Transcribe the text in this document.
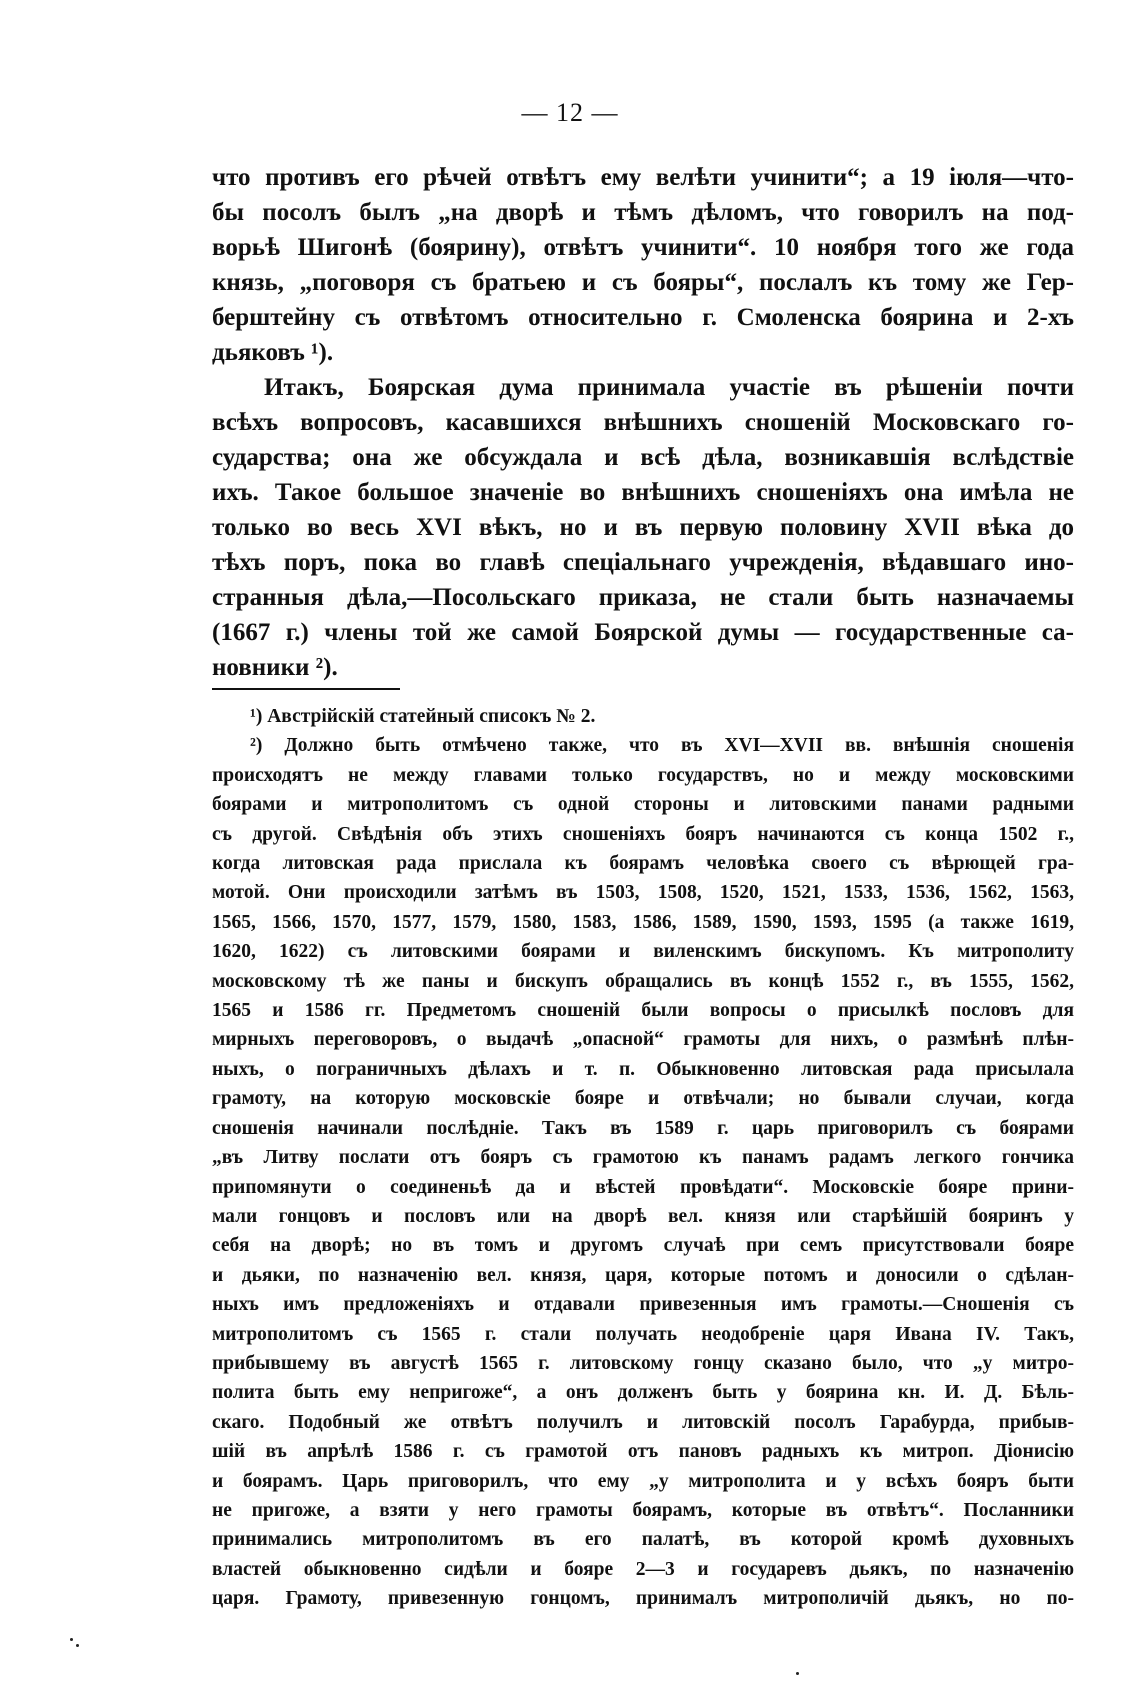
— 12 —
что противъ его рѣчей отвѣтъ ему велѣти учинити“; а 19 іюля—что-
бы посолъ былъ „на дворѣ и тѣмъ дѣломъ, что говорилъ на под-
ворьѣ Шигонѣ (боярину), отвѣтъ учинити“. 10 ноября того же года
князь, „поговоря съ братьею и съ бояры“, послалъ къ тому же Гер-
берштейну съ отвѣтомъ относительно г. Смоленска боярина и 2-хъ
дьяковъ ¹).
Итакъ, Боярская дума принимала участіе въ рѣшеніи почти
всѣхъ вопросовъ, касавшихся внѣшнихъ сношеній Московскаго го-
сударства; она же обсуждала и всѣ дѣла, возникавшія вслѣдствіе
ихъ. Такое большое значеніе во внѣшнихъ сношеніяхъ она имѣла не
только во весь XVI вѣкъ, но и въ первую половину XVII вѣка до
тѣхъ поръ, пока во главѣ спеціальнаго учрежденія, вѣдавшаго ино-
странныя дѣла,—Посольскаго приказа, не стали быть назначаемы
(1667 г.) члены той же самой Боярской думы — государственные са-
новники ²).
¹) Австрійскій статейный списокъ № 2.
²) Должно быть отмѣчено также, что въ XVI—XVII вв. внѣшнія сношенія
происходятъ не между главами только государствъ, но и между московскими
боярами и митрополитомъ съ одной стороны и литовскими панами радными
съ другой. Свѣдѣнія объ этихъ сношеніяхъ бояръ начинаются съ конца 1502 г.,
когда литовская рада прислала къ боярамъ человѣка своего съ вѣрющей гра-
мотой. Они происходили затѣмъ въ 1503, 1508, 1520, 1521, 1533, 1536, 1562, 1563,
1565, 1566, 1570, 1577, 1579, 1580, 1583, 1586, 1589, 1590, 1593, 1595 (а также 1619,
1620, 1622) съ литовскими боярами и виленскимъ бискупомъ. Къ митрополиту
московскому тѣ же паны и бискупъ обращались въ концѣ 1552 г., въ 1555, 1562,
1565 и 1586 гг. Предметомъ сношеній были вопросы о присылкѣ пословъ для
мирныхъ переговоровъ, о выдачѣ „опасной“ грамоты для нихъ, о размѣнѣ плѣн-
ныхъ, о пограничныхъ дѣлахъ и т. п. Обыкновенно литовская рада присылала
грамоту, на которую московскіе бояре и отвѣчали; но бывали случаи, когда
сношенія начинали послѣдніе. Такъ въ 1589 г. царь приговорилъ съ боярами
„въ Литву послати отъ бояръ съ грамотою къ панамъ радамъ легкого гончика
припомянути о соединеньѣ да и вѣстей провѣдати“. Московскіе бояре прини-
мали гонцовъ и пословъ или на дворѣ вел. князя или старѣйшій бояринъ у
себя на дворѣ; но въ томъ и другомъ случаѣ при семъ присутствовали бояре
и дьяки, по назначенію вел. князя, царя, которые потомъ и доносили о сдѣлан-
ныхъ имъ предложеніяхъ и отдавали привезенныя имъ грамоты.—Сношенія съ
митрополитомъ съ 1565 г. стали получать неодобреніе царя Ивана IV. Такъ,
прибывшему въ августѣ 1565 г. литовскому гонцу сказано было, что „у митро-
полита быть ему непригоже“, а онъ долженъ быть у боярина кн. И. Д. Бѣль-
скаго. Подобный же отвѣтъ получилъ и литовскій посолъ Гарабурда, прибыв-
шій въ апрѣлѣ 1586 г. съ грамотой отъ пановъ радныхъ къ митроп. Діонисію
и боярамъ. Царь приговорилъ, что ему „у митрополита и у всѣхъ бояръ быти
не пригоже, а взяти у него грамоты боярамъ, которые въ отвѣтъ“. Посланники
принимались митрополитомъ въ его палатѣ, въ которой кромѣ духовныхъ
властей обыкновенно сидѣли и бояре 2—3 и государевъ дьякъ, по назначенію
царя. Грамоту, привезенную гонцомъ, принималъ митрополичій дьякъ, но по-
